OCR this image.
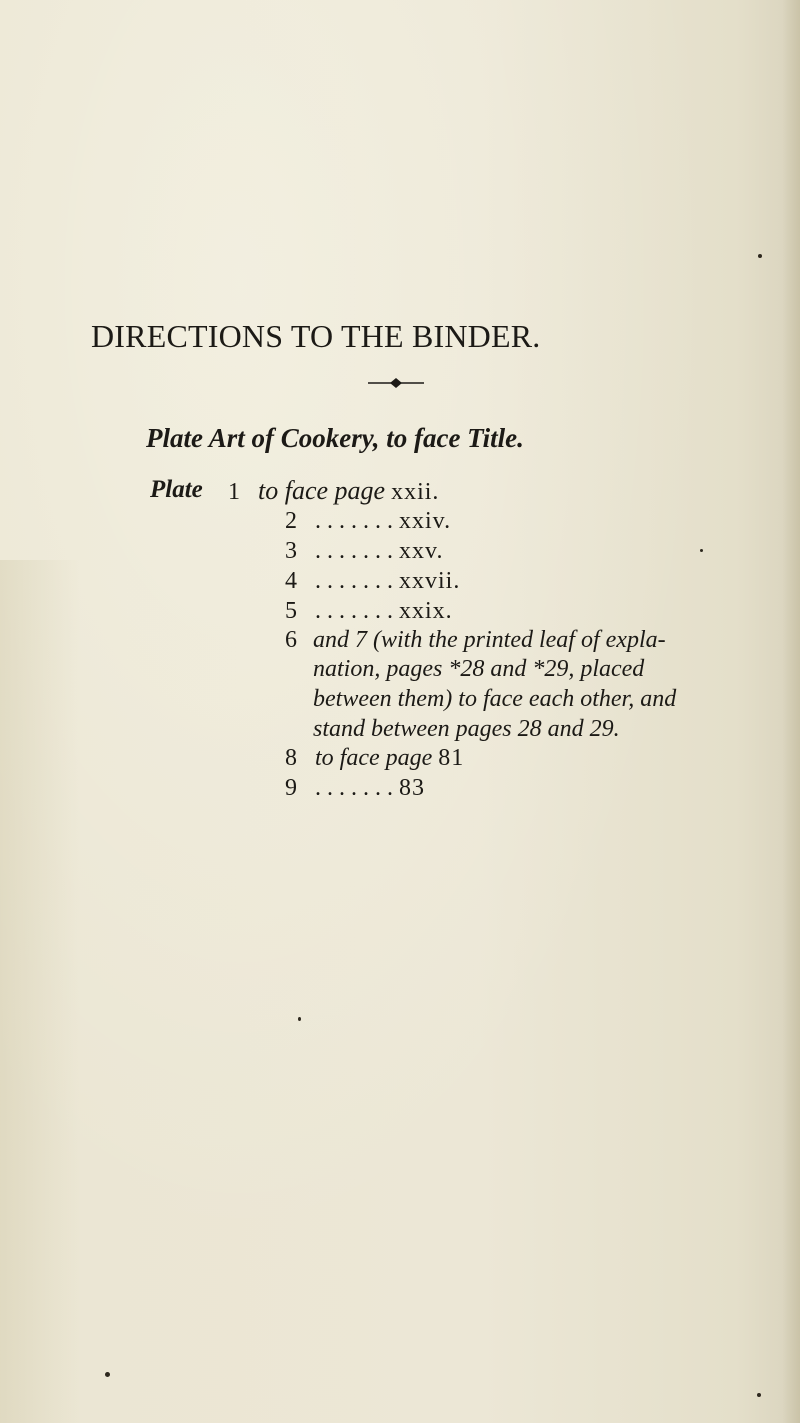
DIRECTIONS TO THE BINDER.
Plate Art of Cookery, to face Title.
Plate 1 to face page xxii.
2 . . . . . . . xxiv.
3 . . . . . . . xxv.
4 . . . . . . . xxvii.
5 . . . . . . . xxix.
6 and 7 (with the printed leaf of expla-
nation, pages *28 and *29, placed
between them) to face each other, and
stand between pages 28 and 29.
8 to face page 81
9 . . . . . . . 83
